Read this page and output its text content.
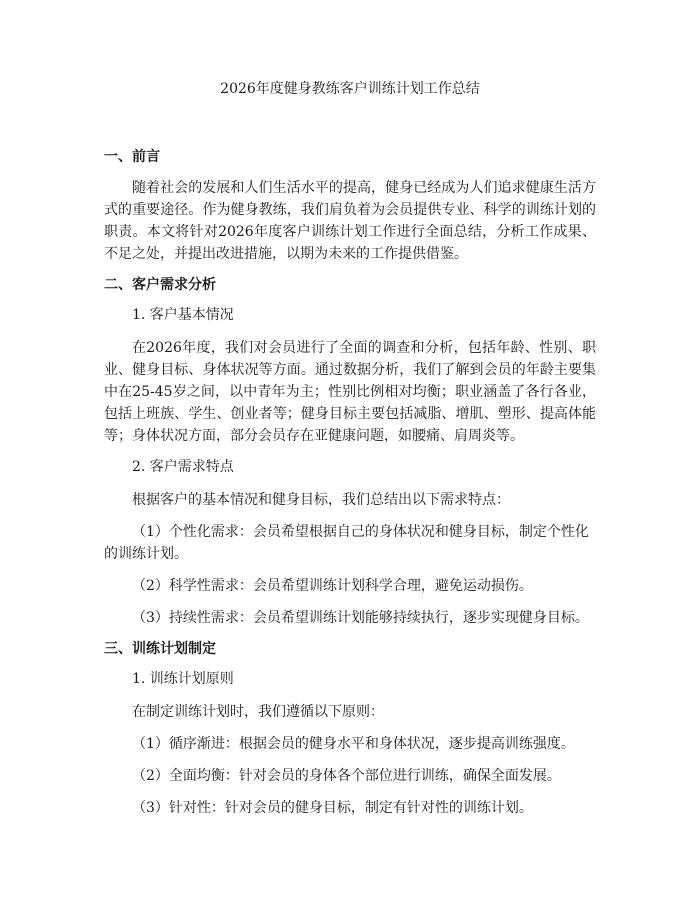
2026年度健身教练客户训练计划工作总结
一、前言

随着社会的发展和人们生活水平的提高，健身已经成为人们追求健康生活方式的重要途径。作为健身教练，我们肩负着为会员提供专业、科学的训练计划的职责。本文将针对2026年度客户训练计划工作进行全面总结，分析工作成果、不足之处，并提出改进措施，以期为未来的工作提供借鉴。

二、客户需求分析
1. 客户基本情况

在2026年度，我们对会员进行了全面的调查和分析，包括年龄、性别、职业、健身目标、身体状况等方面。通过数据分析，我们了解到会员的年龄主要集中在25-45岁之间，以中青年为主；性别比例相对均衡；职业涵盖了各行各业，包括上班族、学生、创业者等；健身目标主要包括减脂、增肌、塑形、提高体能等；身体状况方面，部分会员存在亚健康问题，如腰痛、肩周炎等。

2. 客户需求特点

根据客户的基本情况和健身目标，我们总结出以下需求特点：

（1）个性化需求：会员希望根据自己的身体状况和健身目标，制定个性化的训练计划。

（2）科学性需求：会员希望训练计划科学合理，避免运动损伤。

（3）持续性需求：会员希望训练计划能够持续执行，逐步实现健身目标。

三、训练计划制定
1. 训练计划原则

在制定训练计划时，我们遵循以下原则：

（1）循序渐进：根据会员的健身水平和身体状况，逐步提高训练强度。

（2）全面均衡：针对会员的身体各个部位进行训练，确保全面发展。

（3）针对性：针对会员的健身目标，制定有针对性的训练计划。
